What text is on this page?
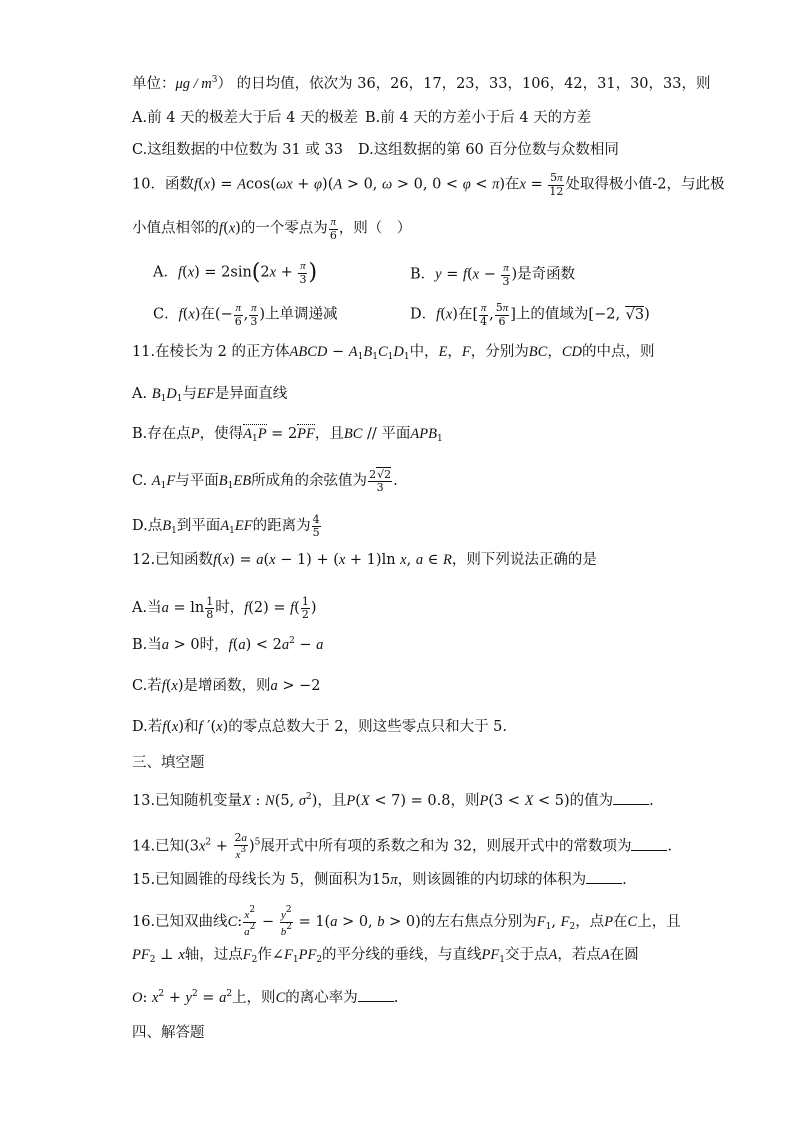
单位：μg / $m^3$） 的日均值，依次为 36，26，17，23，33，106，42，31，30，33，则
A.前 4 天的极差大于后 4 天的极差 B.前 4 天的方差小于后 4 天的方差
C.这组数据的中位数为 31 或 33 D.这组数据的第 60 百分位数与众数相同
10．函数f(x) = Acos(ωx + φ)(A > 0, ω > 0, 0 < φ < π)在$x = \frac{5\pi}{12}$ 处取得极小值-2，与此极
小值点相邻的f(x)的一个零点为 $\frac{\pi}{6}$ ，则（　）
A．$f(x) = 2\sin(2x + \frac{\pi}{3}$ )	B．$y = f(x - \frac{\pi}{3}$ )是奇函数
C．f(x)在(− $\frac{\pi}{6}$ , $\frac{\pi}{3}$ )上单调递减	D．f(x)在[ $\frac{\pi}{4}$ , $\frac{5\pi}{6}$ ]上的值域为[−2, √3)
11.在棱长为 2 的正方体ABCD − $A_1B_1C_1D_1$中，E，F，分别为BC，CD的中点，则
A. $B_1D_1$与EF是异面直线
B.存在点P，使得$A_1P = 2PF$，且BC // 平面$APB_1$
C. $A_1F$与平面$B_1EB$所成角的余弦值为 $\frac{2√2}{3}$ .
D.点$B_1$到平面$A_1EF$的距离为 $\frac{4}{5}$
12.已知函数f(x) = a(x − 1) + (x + 1)ln x, a ∈ R，则下列说法正确的是
A.当$a = \ln \frac{1}{8}$ 时，$f(2) = f( \frac{1}{2}$ )
B.当a > 0时，$f(a) < 2a^2 - a$
C.若f(x)是增函数，则a > −2
D.若f(x)和f ′(x)的零点总数大于 2，则这些零点只和大于 5.
三、填空题
13.已知随机变量X : N(5, $\sigma^2$)，且P(X < 7) = 0.8，则P(3 < X < 5)的值为 .
14.已知$(3x^2 + \frac{2a}{x^3} )^5$展开式中所有项的系数之和为 32，则展开式中的常数项为 .
15.已知圆锥的母线长为 5，侧面积为15π，则该圆锥的内切球的体积为 .
16.已知双曲线C: $\frac{x^2}{a^2} - \frac{y^2}{b^2} = 1(a > 0$, b > 0)的左右焦点分别为$F_1$, $F_2$，点P在C上，且
$PF_2$ ⊥ x轴，过点$F_2$作$\angle F_1PF_2$的平分线的垂线，与直线$PF_1$交于点A，若点A在圆
O: $x^2 + y^2 = a^2$上，则C的离心率为 .
四、解答题
